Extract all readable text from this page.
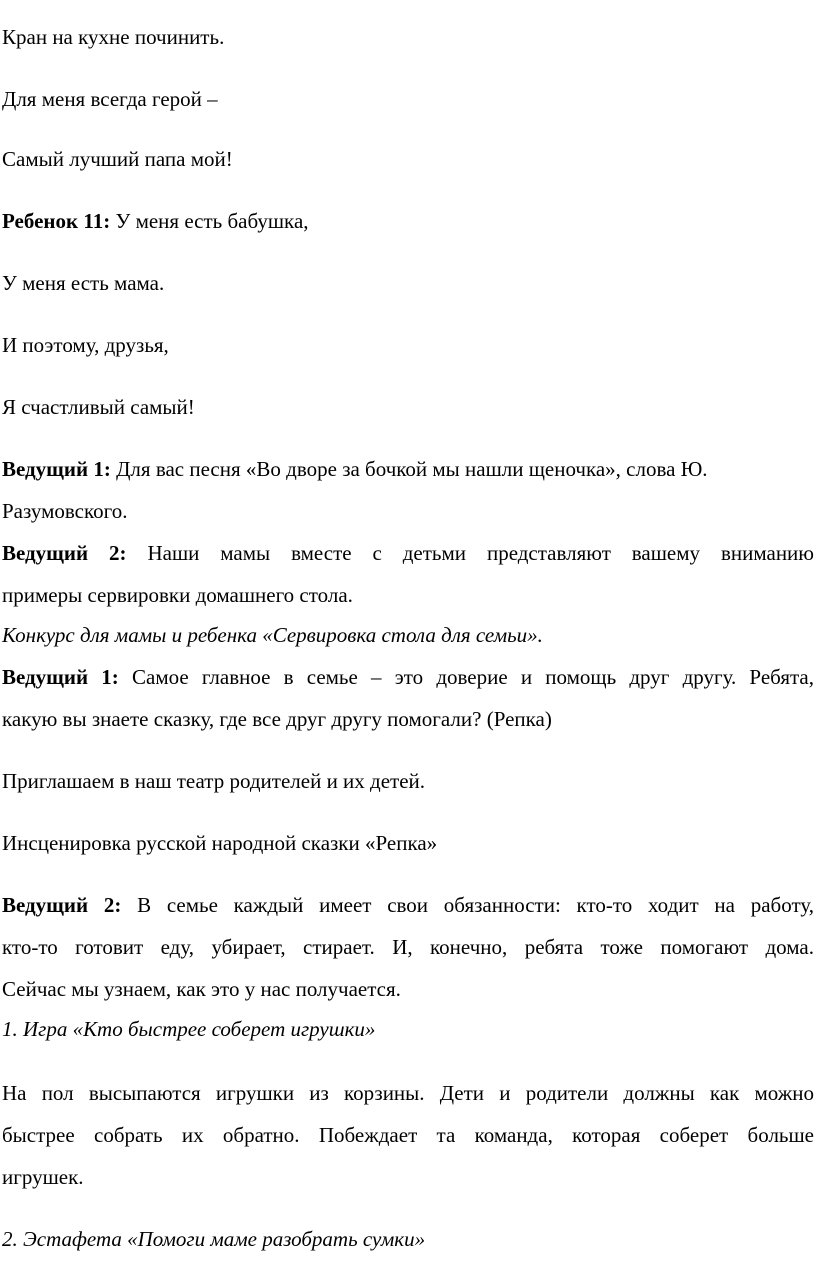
Кран на кухне починить.
Для меня всегда герой –
Самый лучший папа мой!
Ребенок 11: У меня есть бабушка,
У меня есть мама.
И поэтому, друзья,
Я счастливый самый!
Ведущий 1: Для вас песня «Во дворе за бочкой мы нашли щеночка», слова Ю.
Разумовского.
Ведущий 2: Наши мамы вместе с детьми представляют вашему вниманию
примеры сервировки домашнего стола.
Конкурс для мамы и ребенка «Сервировка стола для семьи».
Ведущий 1: Самое главное в семье – это доверие и помощь друг другу. Ребята,
какую вы знаете сказку, где все друг другу помогали? (Репка)
Приглашаем в наш театр родителей и их детей.
Инсценировка русской народной сказки «Репка»
Ведущий 2: В семье каждый имеет свои обязанности: кто-то ходит на работу,
кто-то готовит еду, убирает, стирает. И, конечно, ребята тоже помогают дома.
Сейчас мы узнаем, как это у нас получается.
1. Игра «Кто быстрее соберет игрушки»
На пол высыпаются игрушки из корзины. Дети и родители должны как можно
быстрее собрать их обратно. Побеждает та команда, которая соберет больше
игрушек.
2. Эстафета «Помоги маме разобрать сумки»
